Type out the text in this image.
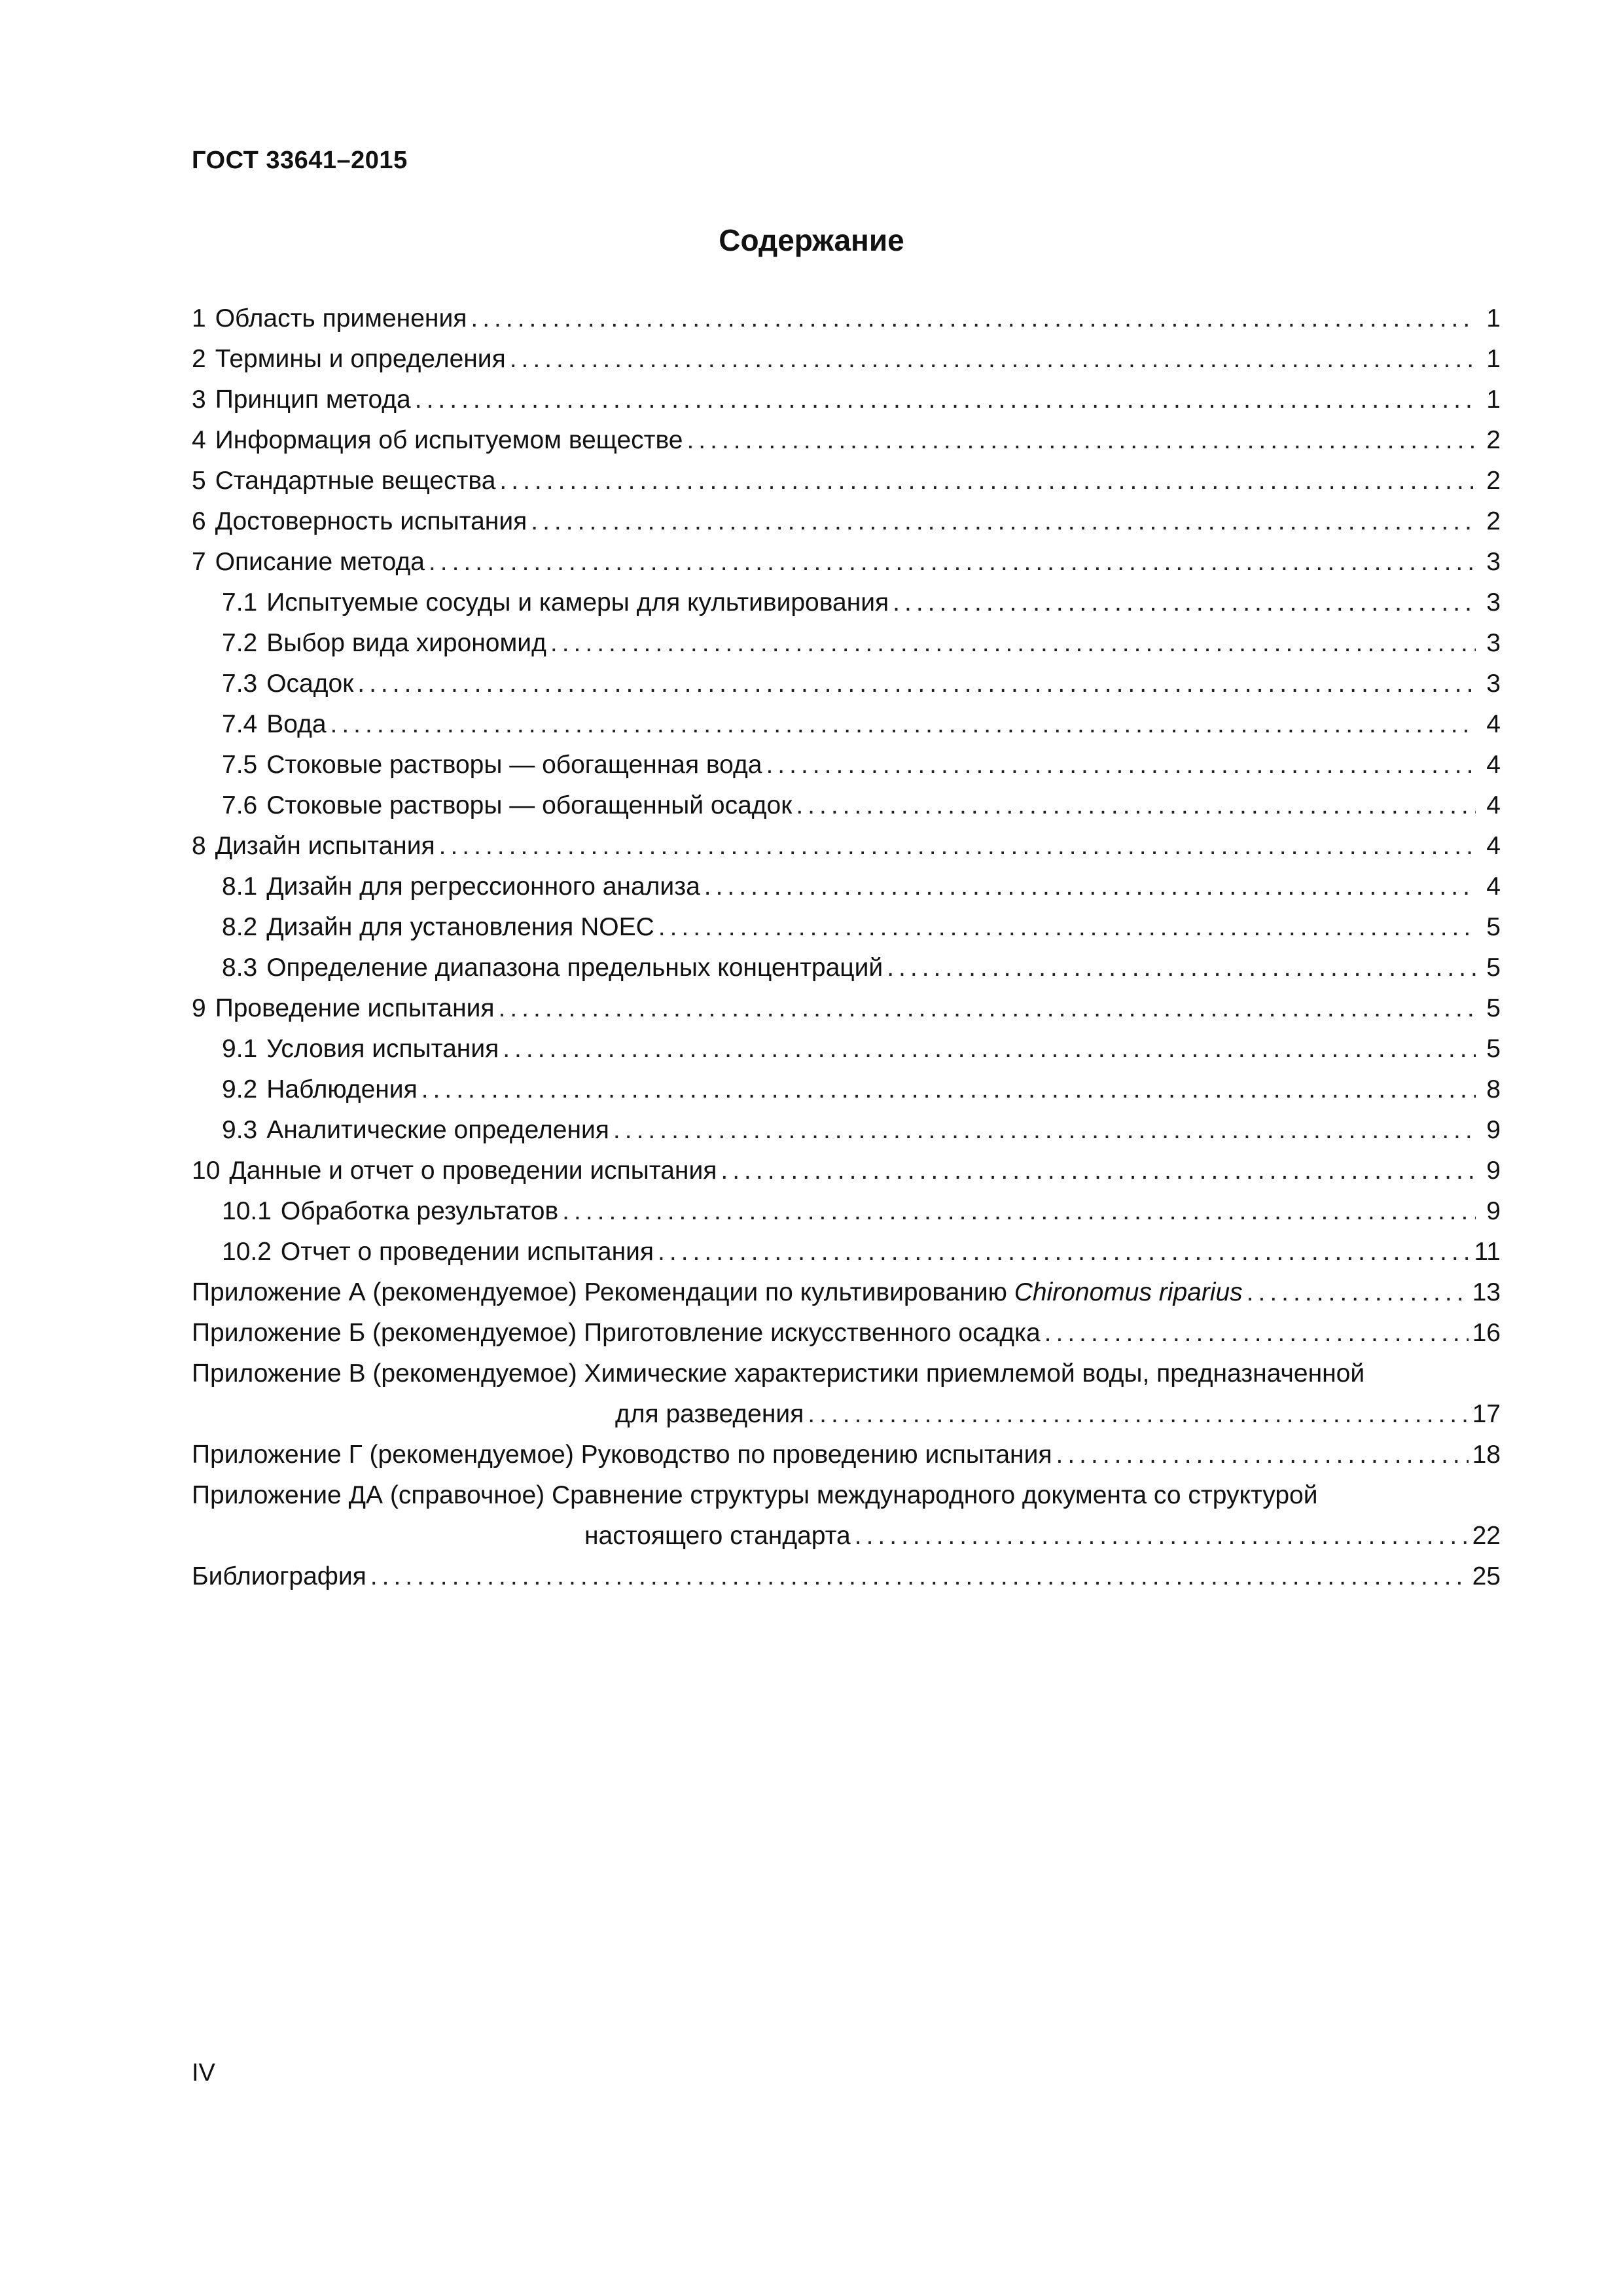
ГОСТ 33641–2015
Содержание
1 Область применения .....	1
2 Термины и определения .....	1
3 Принцип метода .....	1
4 Информация об испытуемом веществе .....	2
5 Стандартные вещества .....	2
6 Достоверность испытания .....	2
7 Описание метода .....	3
7.1 Испытуемые сосуды и камеры для культивирования .....	3
7.2 Выбор вида хирономид .....	3
7.3 Осадок .....	3
7.4 Вода .....	4
7.5 Стоковые растворы — обогащенная вода .....	4
7.6 Стоковые растворы — обогащенный осадок .....	4
8 Дизайн испытания .....	4
8.1 Дизайн для регрессионного анализа .....	4
8.2 Дизайн для установления NOEC .....	5
8.3 Определение диапазона предельных концентраций .....	5
9 Проведение испытания .....	5
9.1 Условия испытания .....	5
9.2 Наблюдения .....	8
9.3 Аналитические определения .....	9
10 Данные и отчет о проведении испытания .....	9
10.1 Обработка результатов .....	9
10.2 Отчет о проведении испытания .....	11
Приложение А (рекомендуемое) Рекомендации по культивированию Chironomus riparius .....	13
Приложение Б (рекомендуемое) Приготовление искусственного осадка .....	16
Приложение В (рекомендуемое) Химические характеристики приемлемой воды, предназначенной
для разведения .....	17
Приложение Г (рекомендуемое) Руководство по проведению испытания .....	18
Приложение ДА (справочное) Сравнение структуры международного документа со структурой
настоящего стандарта .....	22
Библиография .....	25
IV
